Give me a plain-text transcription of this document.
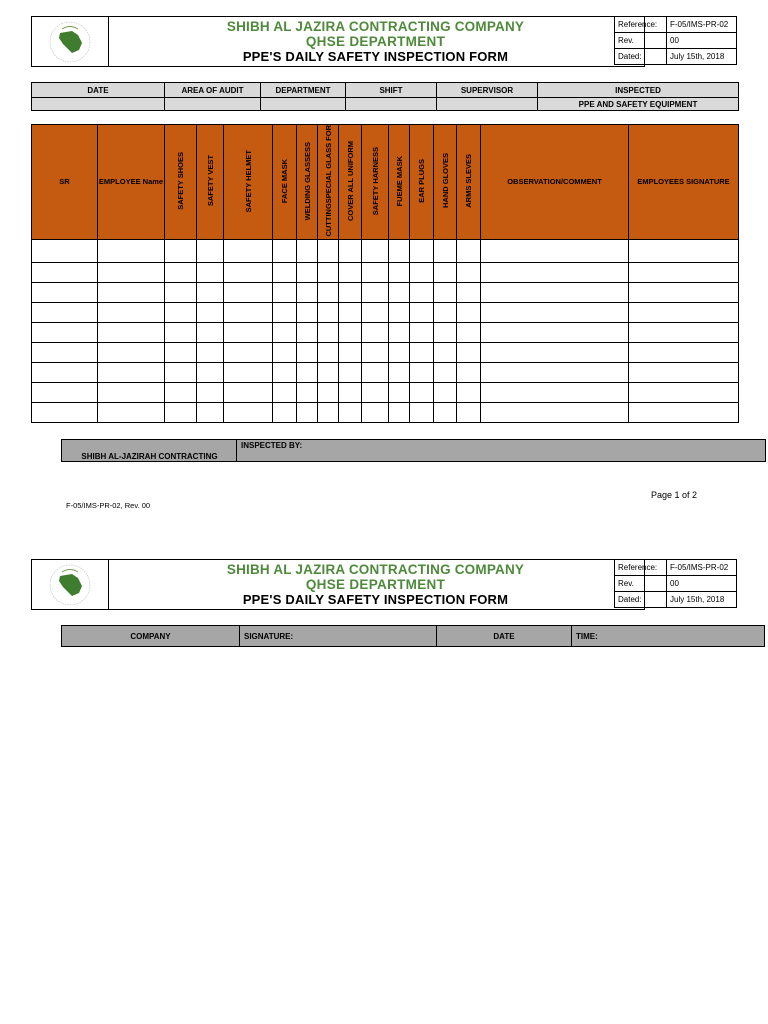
SHIBH AL JAZIRA CONTRACTING COMPANY
QHSE DEPARTMENT
PPE'S DAILY SAFETY INSPECTION FORM
Reference:	F-05/IMS-PR-02
Rev.	00
Dated:	July 15th, 2018
DATE	AREA OF AUDIT	DEPARTMENT	SHIFT	SUPERVISOR	INSPECTED
					PPE AND SAFETY EQUIPMENT
SR	EMPLOYEE Name	SAFETY SHOES	SAFETY VEST	SAFETY HELMET	FACE MASK	WELDING GLASSESS	CUTTINGSPECIAL GLASS FOR	COVER ALL UNIFORM	SAFETY HARNESS	FUEME MASK	EAR PLUGS	HAND GLOVES	ARMS SLEVES	OBSERVATION/COMMENT	EMPLOYEES SIGNATURE

SHIBH AL-JAZIRAH CONTRACTING
INSPECTED BY:
F-05/IMS-PR-02, Rev. 00
Page 1 of 2
SHIBH AL JAZIRA CONTRACTING COMPANY
QHSE DEPARTMENT
PPE'S DAILY SAFETY INSPECTION FORM
Reference:	F-05/IMS-PR-02
Rev.	00
Dated:	July 15th, 2018
COMPANY	SIGNATURE:	DATE	TIME:
